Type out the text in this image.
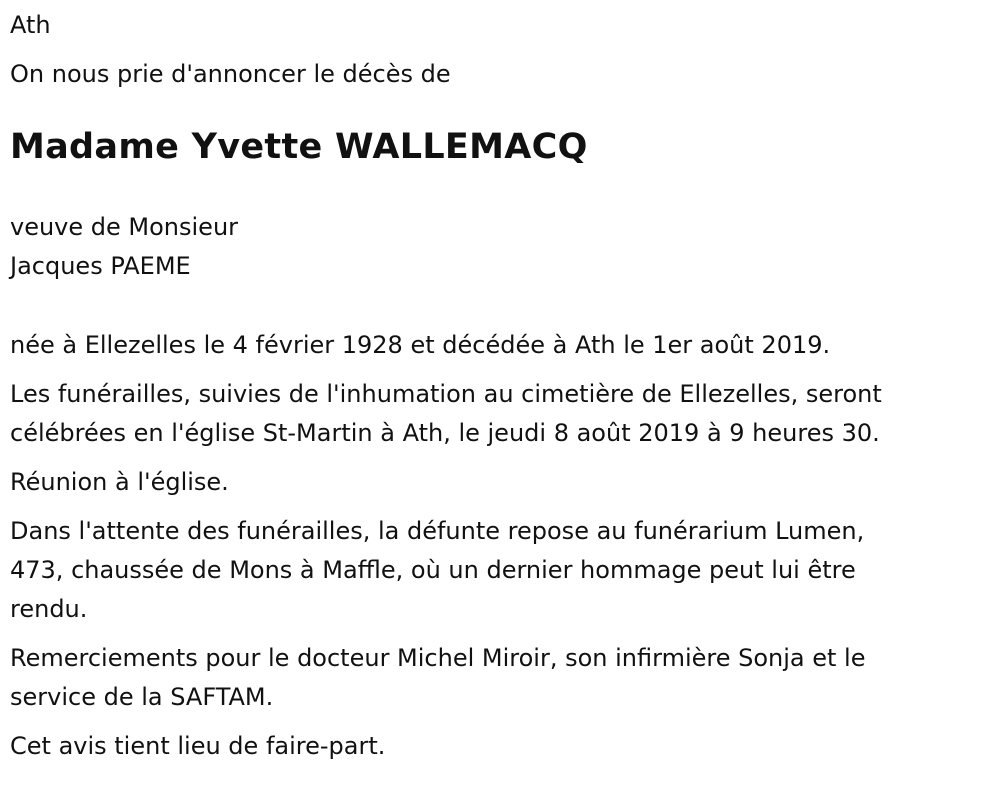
Ath

On nous prie d'annoncer le décès de

Madame Yvette WALLEMACQ

veuve de Monsieur
Jacques PAEME

née à Ellezelles le 4 février 1928 et décédée à Ath le 1er août 2019.

Les funérailles, suivies de l'inhumation au cimetière de Ellezelles, seront
célébrées en l'église St-Martin à Ath, le jeudi 8 août 2019 à 9 heures 30.

Réunion à l'église.

Dans l'attente des funérailles, la défunte repose au funérarium Lumen,
473, chaussée de Mons à Maffle, où un dernier hommage peut lui être
rendu.

Remerciements pour le docteur Michel Miroir, son infirmière Sonja et le
service de la SAFTAM.

Cet avis tient lieu de faire-part.
